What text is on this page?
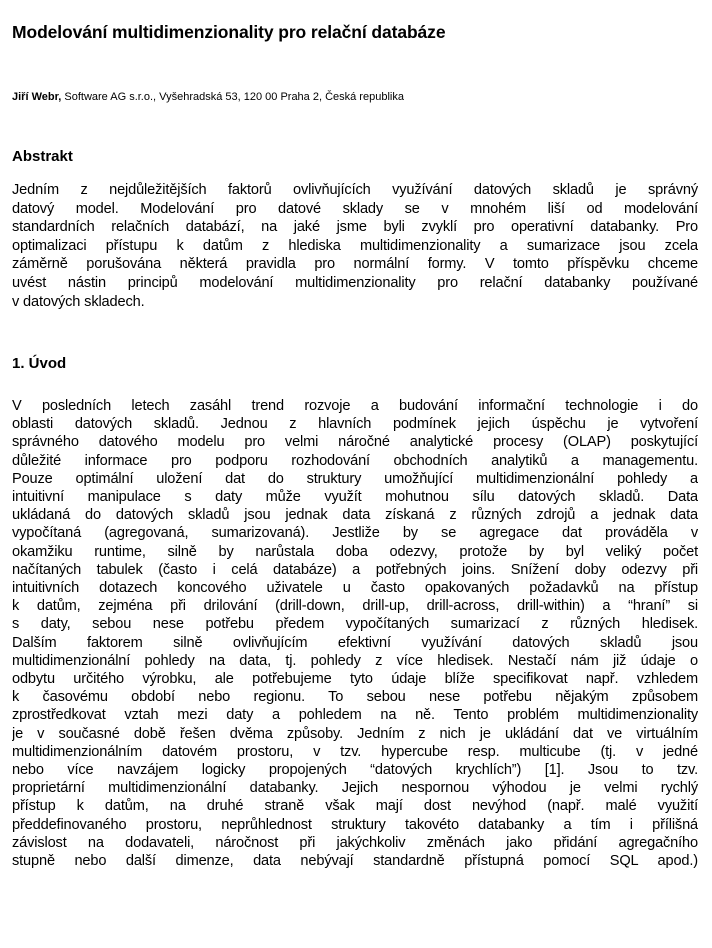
Modelování multidimenzionality pro relační databáze
Jiří Webr, Software AG s.r.o., Vyšehradská 53, 120 00 Praha 2, Česká republika
Abstrakt
Jedním z nejdůležitějších faktorů ovlivňujících využívání datových skladů je správný
datový model. Modelování pro datové sklady se v mnohém liší od modelování
standardních relačních databází, na jaké jsme byli zvyklí pro operativní databanky. Pro
optimalizaci přístupu k datům z hlediska multidimenzionality a sumarizace jsou zcela
záměrně porušována některá pravidla pro normální formy. V tomto příspěvku chceme
uvést nástin principů modelování multidimenzionality pro relační databanky používané
v datových skladech.
1. Úvod
V posledních letech zasáhl trend rozvoje a budování informační technologie i do
oblasti datových skladů. Jednou z hlavních podmínek jejich úspěchu je vytvoření
správného datového modelu pro velmi náročné analytické procesy (OLAP) poskytující
důležité informace pro podporu rozhodování obchodních analytiků a managementu.
Pouze optimální uložení dat do struktury umožňující multidimenzionální pohledy a
intuitivní manipulace s daty může využít mohutnou sílu datových skladů. Data
ukládaná do datových skladů jsou jednak data získaná z různých zdrojů a jednak data
vypočítaná (agregovaná, sumarizovaná). Jestliže by se agregace dat prováděla v
okamžiku runtime, silně by narůstala doba odezvy, protože by byl veliký počet
načítaných tabulek (často i celá databáze) a potřebných joins. Snížení doby odezvy při
intuitivních dotazech koncového uživatele u často opakovaných požadavků na přístup
k datům, zejména při drilování (drill-down, drill-up, drill-across, drill-within) a “hraní” si
s daty, sebou nese potřebu předem vypočítaných sumarizací z různých hledisek.
Dalším faktorem silně ovlivňujícím efektivní využívání datových skladů jsou
multidimenzionální pohledy na data, tj. pohledy z více hledisek. Nestačí nám již údaje o
odbytu určitého výrobku, ale potřebujeme tyto údaje blíže specifikovat např. vzhledem
k časovému období nebo regionu. To sebou nese potřebu nějakým způsobem
zprostředkovat vztah mezi daty a pohledem na ně. Tento problém multidimenzionality
je v současné době řešen dvěma způsoby. Jedním z nich je ukládání dat ve virtuálním
multidimenzionálním datovém prostoru, v tzv. hypercube resp. multicube (tj. v jedné
nebo více navzájem logicky propojených “datových krychlích”) [1]. Jsou to tzv.
proprietární multidimenzionální databanky. Jejich nespornou výhodou je velmi rychlý
přístup k datům, na druhé straně však mají dost nevýhod (např. malé využití
předdefinovaného prostoru, neprůhlednost struktury takovéto databanky a tím i přílišná
závislost na dodavateli, náročnost při jakýchkoliv změnách jako přidání agregačního
stupně nebo další dimenze, data nebývají standardně přístupná pomocí SQL apod.)
